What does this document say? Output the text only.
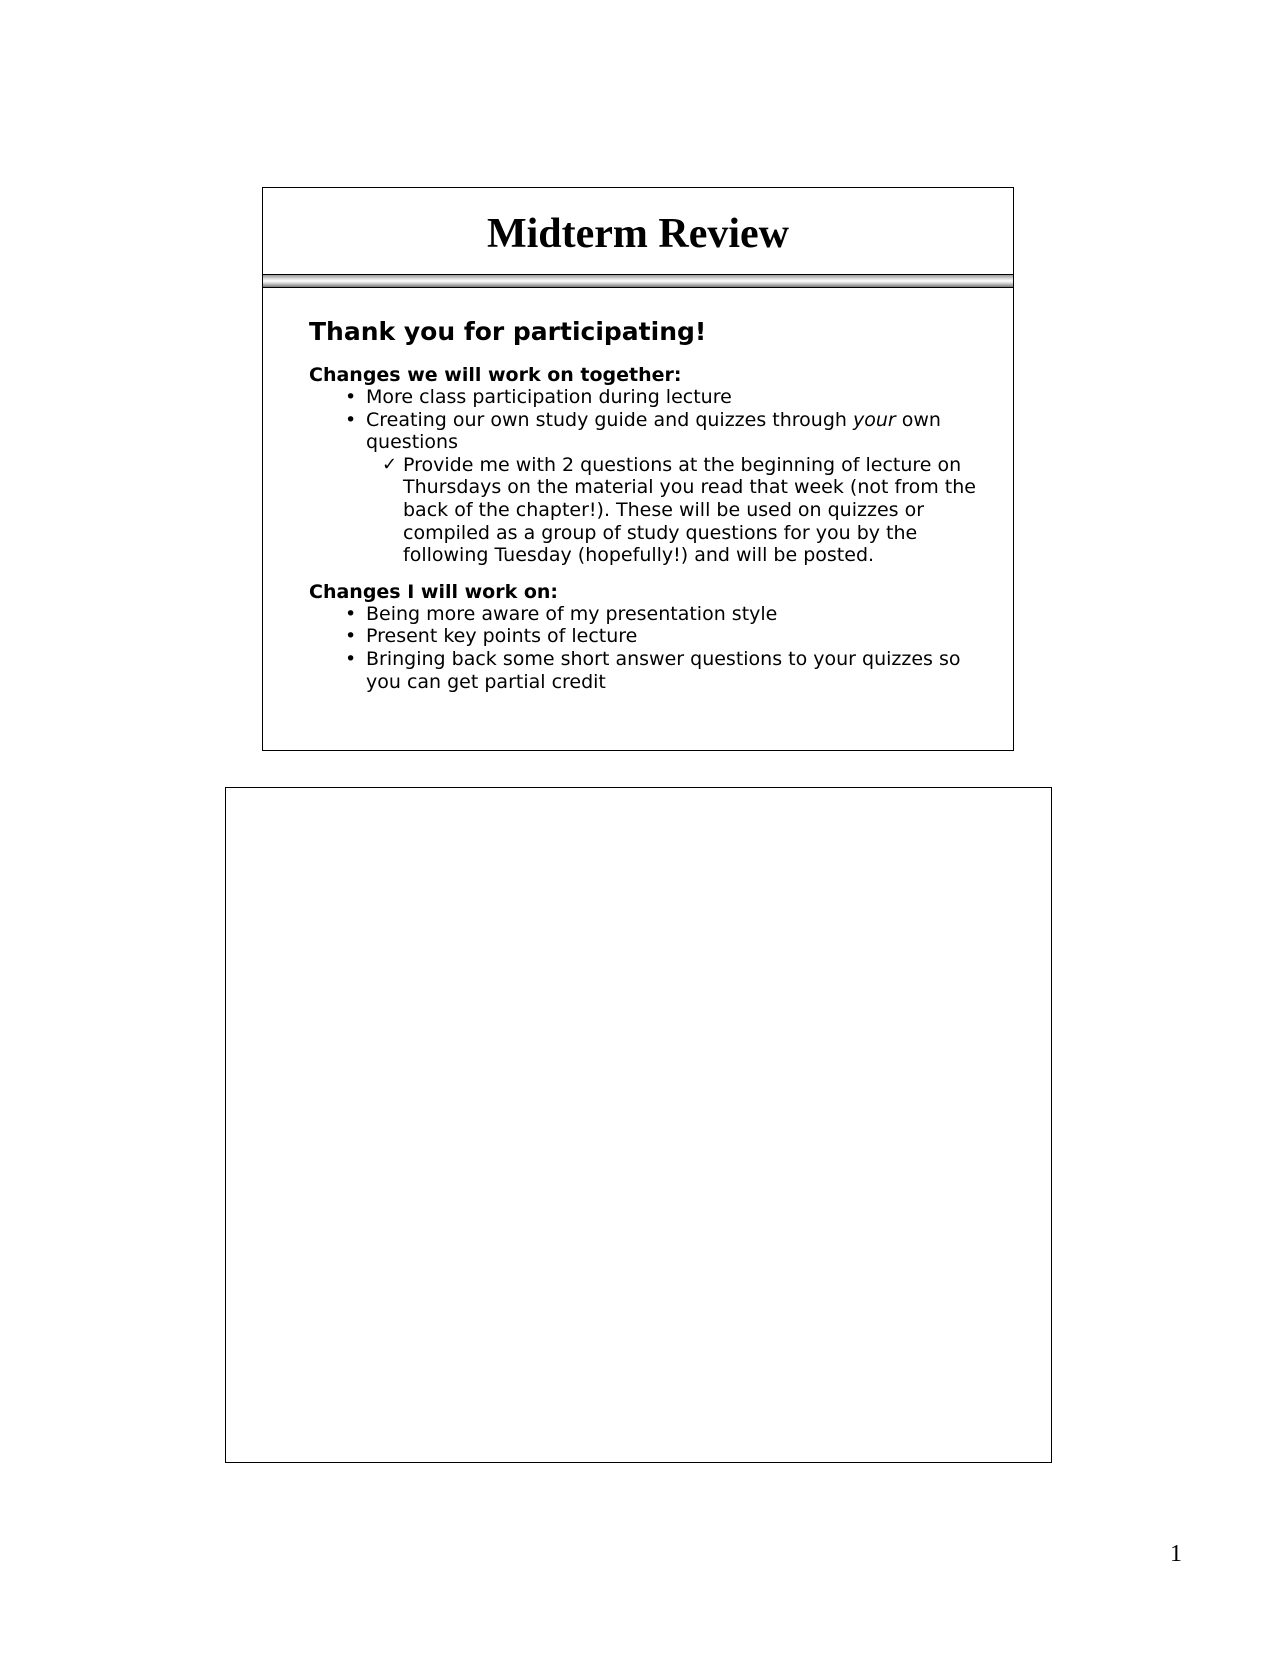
Midterm Review

Thank you for participating!

Changes we will work on together:

• More class participation during lecture
• Creating our own study guide and quizzes through your own questions
✓ Provide me with 2 questions at the beginning of lecture on Thursdays on the material you read that week (not from the back of the chapter!). These will be used on quizzes or compiled as a group of study questions for you by the following Tuesday (hopefully!) and will be posted.

Changes I will work on:

• Being more aware of my presentation style
• Present key points of lecture
• Bringing back some short answer questions to your quizzes so you can get partial credit
1
